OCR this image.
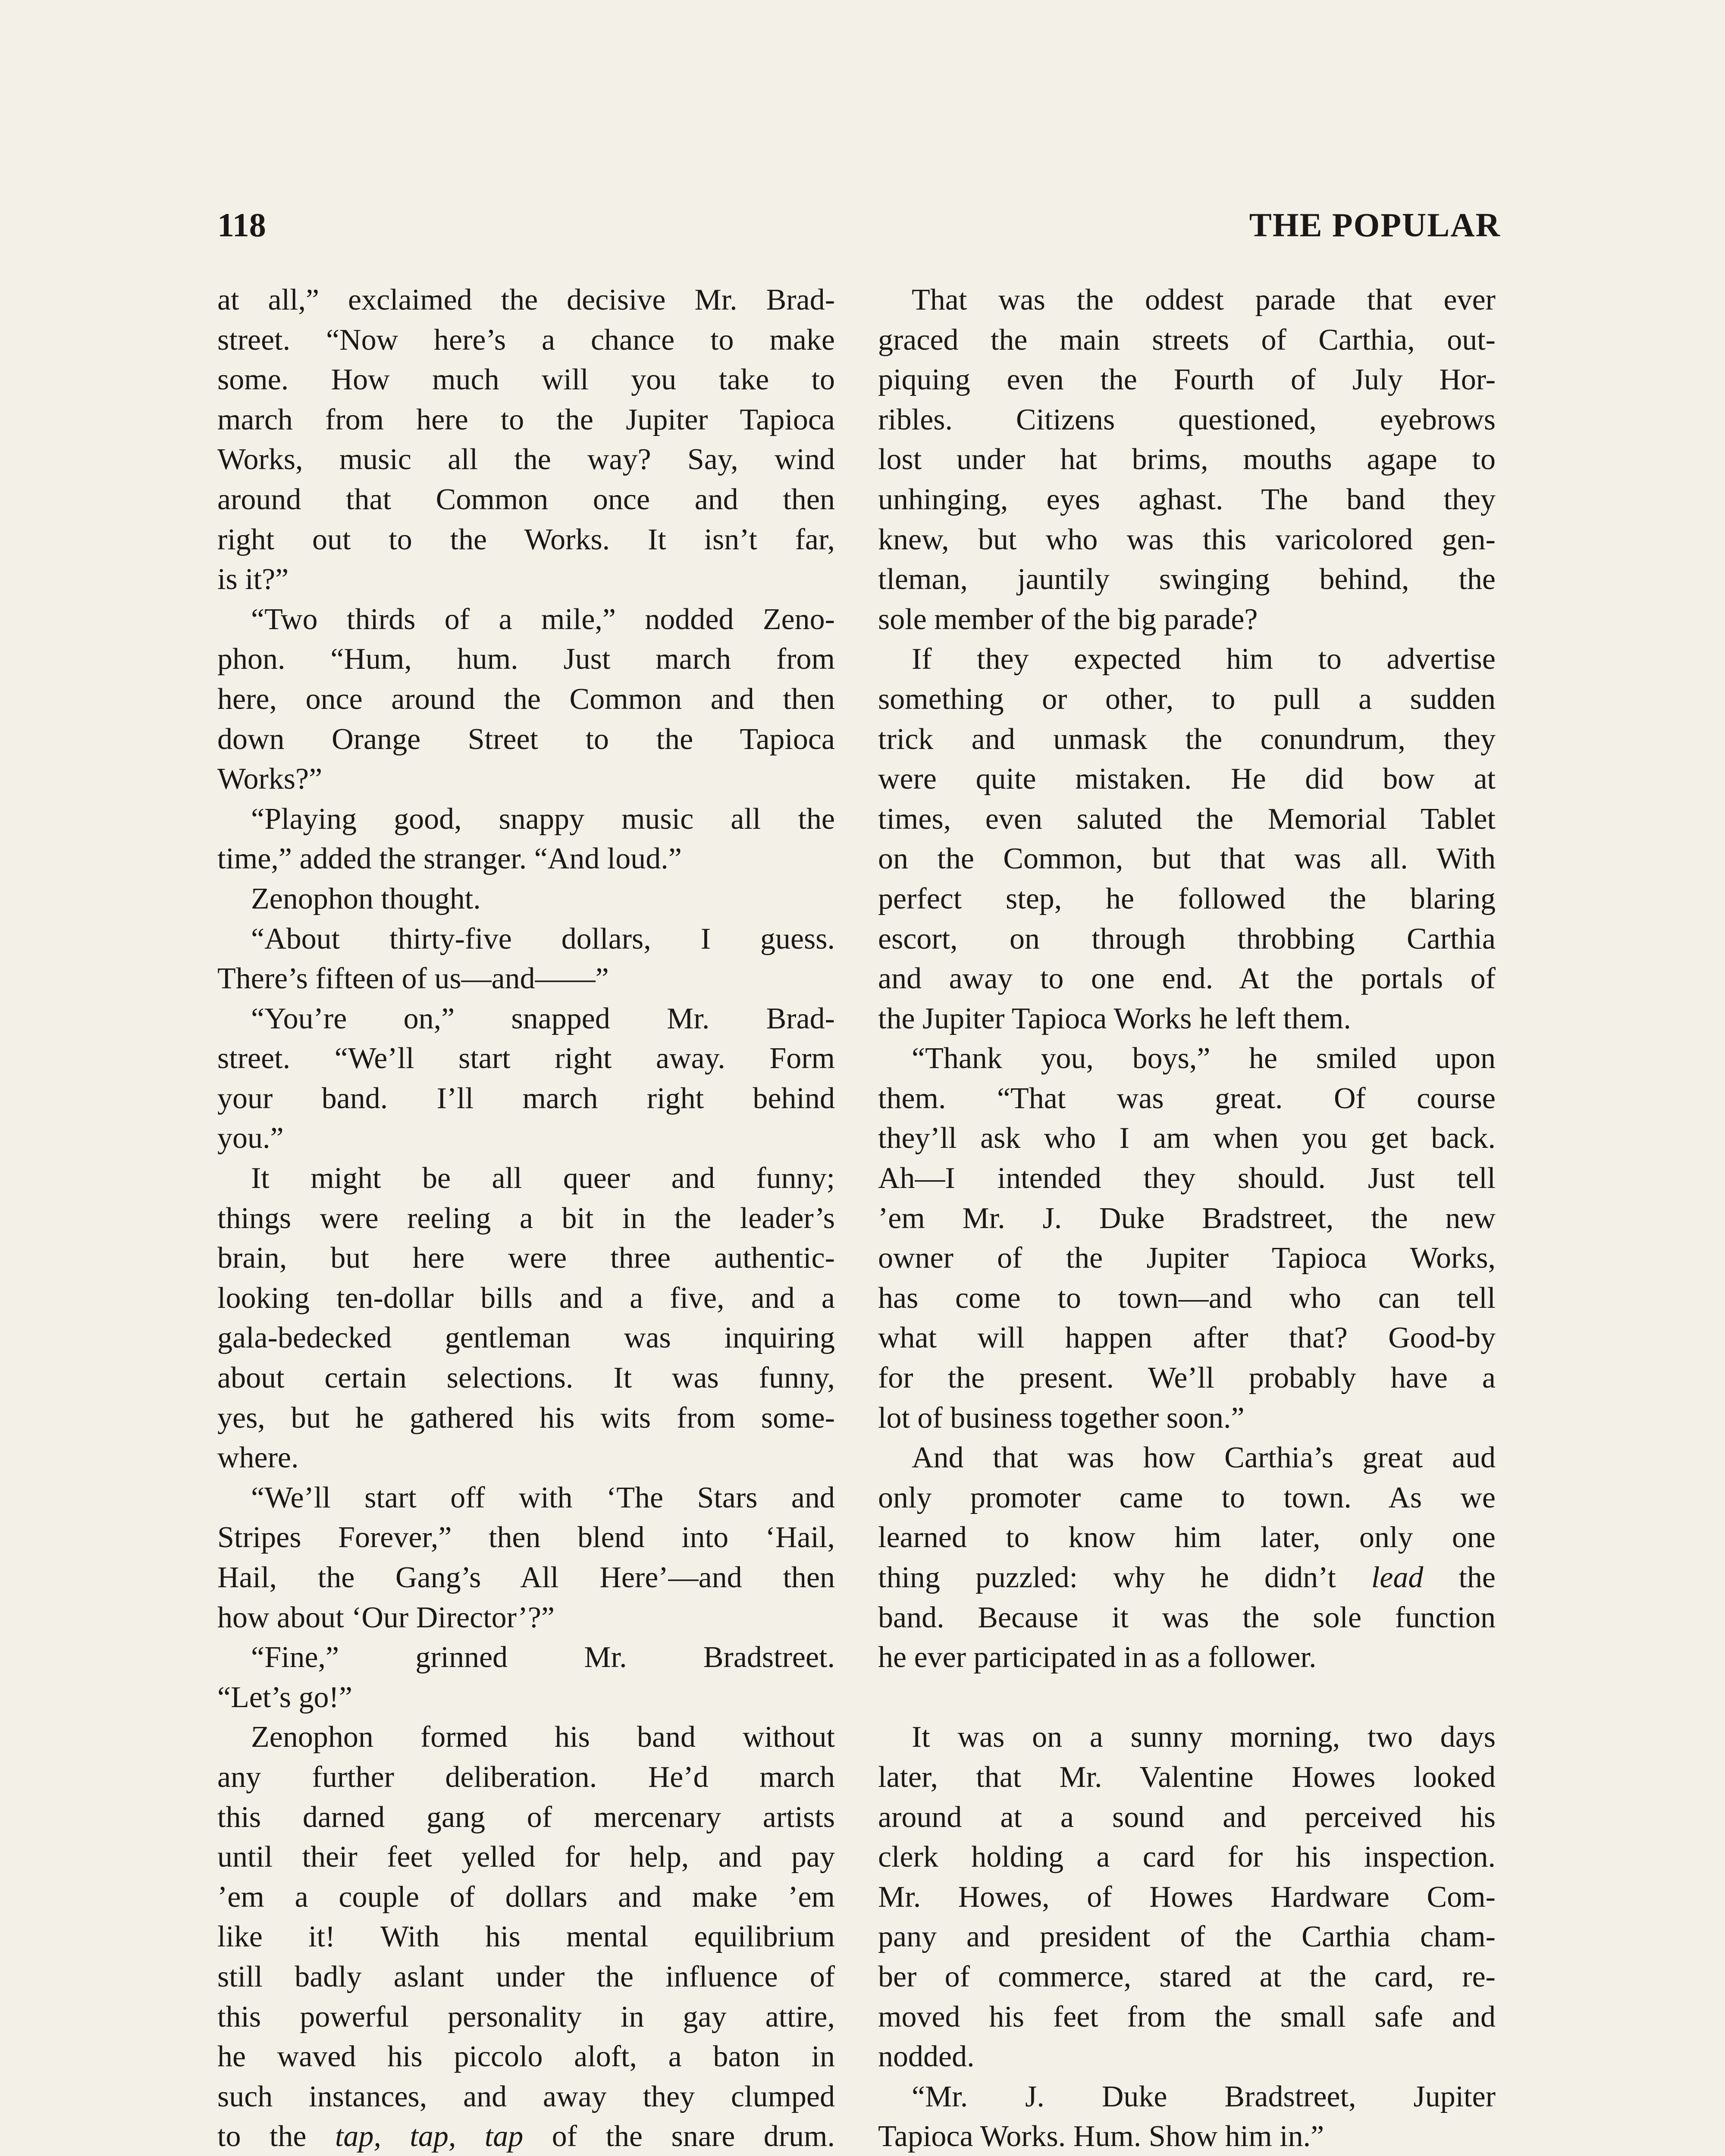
118	THE POPULAR
at all,” exclaimed the decisive Mr. Brad-
street. “Now here’s a chance to make
some. How much will you take to
march from here to the Jupiter Tapioca
Works, music all the way? Say, wind
around that Common once and then
right out to the Works. It isn’t far,
is it?”
“Two thirds of a mile,” nodded Zeno-
phon. “Hum, hum. Just march from
here, once around the Common and then
down Orange Street to the Tapioca
Works?”
“Playing good, snappy music all the
time,” added the stranger. “And loud.”
Zenophon thought.
“About thirty-five dollars, I guess.
There’s fifteen of us—and——”
“You’re on,” snapped Mr. Brad-
street. “We’ll start right away. Form
your band. I’ll march right behind
you.”
It might be all queer and funny;
things were reeling a bit in the leader’s
brain, but here were three authentic-
looking ten-dollar bills and a five, and a
gala-bedecked gentleman was inquiring
about certain selections. It was funny,
yes, but he gathered his wits from some-
where.
“We’ll start off with ‘The Stars and
Stripes Forever,” then blend into ‘Hail,
Hail, the Gang’s All Here’—and then
how about ‘Our Director’?”
“Fine,” grinned Mr. Bradstreet.
“Let’s go!”
Zenophon formed his band without
any further deliberation. He’d march
this darned gang of mercenary artists
until their feet yelled for help, and pay
’em a couple of dollars and make ’em
like it! With his mental equilibrium
still badly aslant under the influence of
this powerful personality in gay attire,
he waved his piccolo aloft, a baton in
such instances, and away they clumped
to the tap, tap, tap of the snare drum.
That was the oddest parade that ever
graced the main streets of Carthia, out-
piquing even the Fourth of July Hor-
ribles. Citizens questioned, eyebrows
lost under hat brims, mouths agape to
unhinging, eyes aghast. The band they
knew, but who was this varicolored gen-
tleman, jauntily swinging behind, the
sole member of the big parade?
If they expected him to advertise
something or other, to pull a sudden
trick and unmask the conundrum, they
were quite mistaken. He did bow at
times, even saluted the Memorial Tablet
on the Common, but that was all. With
perfect step, he followed the blaring
escort, on through throbbing Carthia
and away to one end. At the portals of
the Jupiter Tapioca Works he left them.
“Thank you, boys,” he smiled upon
them. “That was great. Of course
they’ll ask who I am when you get back.
Ah—I intended they should. Just tell
’em Mr. J. Duke Bradstreet, the new
owner of the Jupiter Tapioca Works,
has come to town—and who can tell
what will happen after that? Good-by
for the present. We’ll probably have a
lot of business together soon.”
And that was how Carthia’s great aud
only promoter came to town. As we
learned to know him later, only one
thing puzzled: why he didn’t lead the
band. Because it was the sole function
he ever participated in as a follower.
It was on a sunny morning, two days
later, that Mr. Valentine Howes looked
around at a sound and perceived his
clerk holding a card for his inspection.
Mr. Howes, of Howes Hardware Com-
pany and president of the Carthia cham-
ber of commerce, stared at the card, re-
moved his feet from the small safe and
nodded.
“Mr. J. Duke Bradstreet, Jupiter
Tapioca Works. Hum. Show him in.”
